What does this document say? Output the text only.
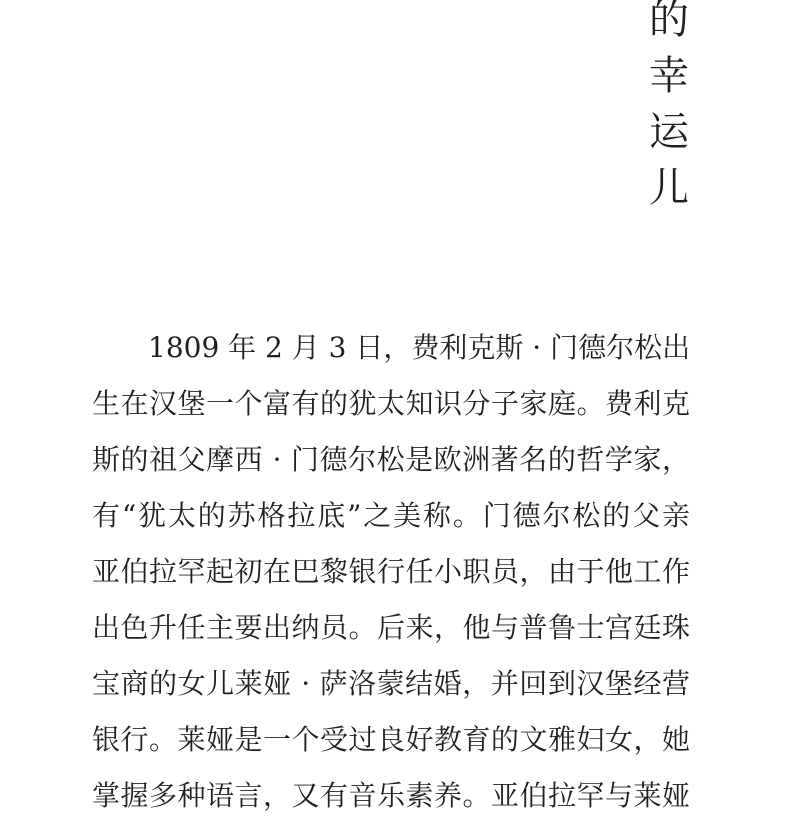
的
幸
运
儿
1809 年 2 月 3 日，费利克斯 · 门德尔松出
生在汉堡一个富有的犹太知识分子家庭。费利克
斯的祖父摩西 · 门德尔松是欧洲著名的哲学家，
有“犹太的苏格拉底”之美称。门德尔松的父亲
亚伯拉罕起初在巴黎银行任小职员，由于他工作
出色升任主要出纳员。后来，他与普鲁士宫廷珠
宝商的女儿莱娅 · 萨洛蒙结婚，并回到汉堡经营
银行。莱娅是一个受过良好教育的文雅妇女，她
掌握多种语言，又有音乐素养。亚伯拉罕与莱娅
